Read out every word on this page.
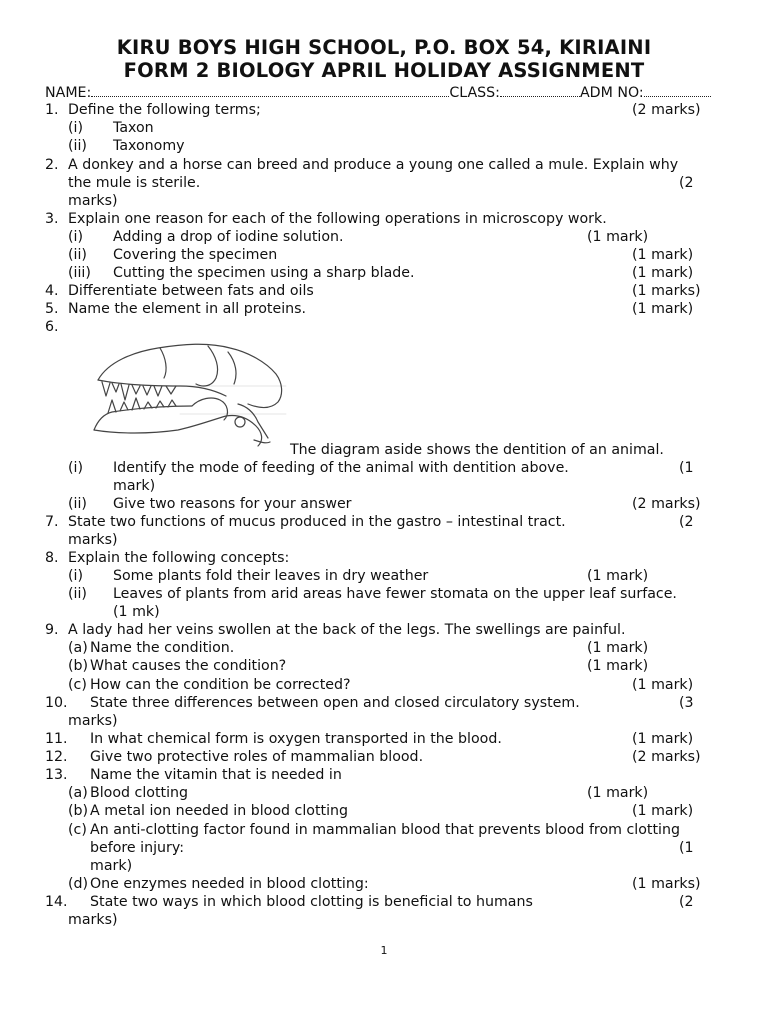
KIRU BOYS HIGH SCHOOL, P.O. BOX 54, KIRIAINI
FORM 2 BIOLOGY APRIL HOLIDAY ASSIGNMENT
NAME:	CLASS:	ADM NO:
1. Define the following terms;	(2 marks)
(i) Taxon
(ii) Taxonomy
2. A donkey and a horse can breed and produce a young one called a mule. Explain why
the mule is sterile.	(2
marks)
3. Explain one reason for each of the following operations in microscopy work.
(i) Adding a drop of iodine solution.	(1 mark)
(ii) Covering the specimen	(1 mark)
(iii) Cutting the specimen using a sharp blade.	(1 mark)
4. Differentiate between fats and oils	(1 marks)
5. Name the element in all proteins.	(1 mark)
6.
The diagram aside shows the dentition of an animal.
(i) Identify the mode of feeding of the animal with dentition above.	(1
mark)
(ii) Give two reasons for your answer	(2 marks)
7. State two functions of mucus produced in the gastro – intestinal tract.	(2
marks)
8. Explain the following concepts:
(i) Some plants fold their leaves in dry weather	(1 mark)
(ii) Leaves of plants from arid areas have fewer stomata on the upper leaf surface.
(1 mk)
9. A lady had her veins swollen at the back of the legs. The swellings are painful.
(a) Name the condition.	(1 mark)
(b) What causes the condition?	(1 mark)
(c) How can the condition be corrected?	(1 mark)
10. State three differences between open and closed circulatory system.	(3
marks)
11. In what chemical form is oxygen transported in the blood.	(1 mark)
12. Give two protective roles of mammalian blood.	(2 marks)
13. Name the vitamin that is needed in
(a) Blood clotting	(1 mark)
(b) A metal ion needed in blood clotting	(1 mark)
(c) An anti-clotting factor found in mammalian blood that prevents blood from clotting
before injury:	(1
mark)
(d) One enzymes needed in blood clotting:	(1 marks)
14. State two ways in which blood clotting is beneficial to humans	(2
marks)
1
